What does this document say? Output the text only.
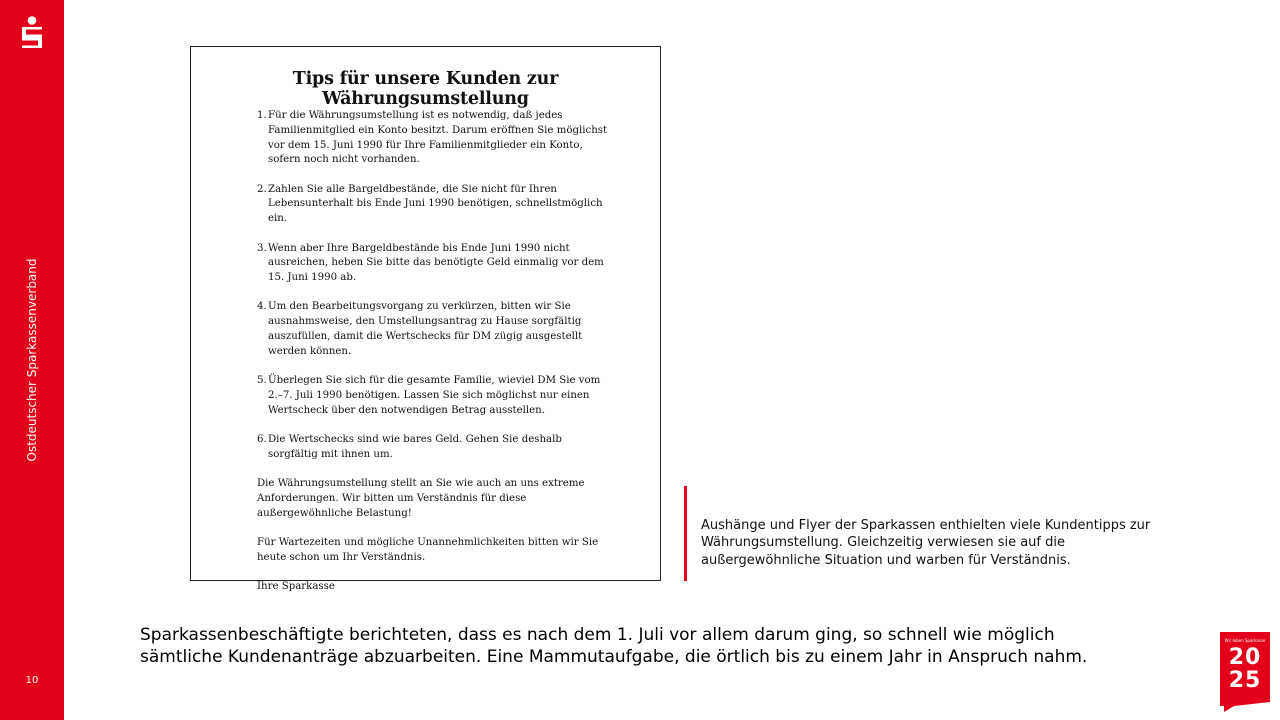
Ostdeutscher Sparkassenverband
10
Tips für unsere Kunden zur Währungsumstellung
1. Für die Währungsumstellung ist es notwendig, daß jedes Familienmitglied ein Konto besitzt. Darum eröffnen Sie möglichst vor dem 15. Juni 1990 für Ihre Familienmitglieder ein Konto, sofern noch nicht vorhanden.
2. Zahlen Sie alle Bargeldbestände, die Sie nicht für Ihren Lebensunterhalt bis Ende Juni 1990 benötigen, schnellstmöglich ein.
3. Wenn aber Ihre Bargeldbestände bis Ende Juni 1990 nicht ausreichen, heben Sie bitte das benötigte Geld einmalig vor dem 15. Juni 1990 ab.
4. Um den Bearbeitungsvorgang zu verkürzen, bitten wir Sie ausnahmsweise, den Umstellungsantrag zu Hause sorgfältig auszufüllen, damit die Wertschecks für DM zügig ausgestellt werden können.
5. Überlegen Sie sich für die gesamte Familie, wieviel DM Sie vom 2.–7. Juli 1990 benötigen. Lassen Sie sich möglichst nur einen Wertscheck über den notwendigen Betrag ausstellen.
6. Die Wertschecks sind wie bares Geld. Gehen Sie deshalb sorgfältig mit ihnen um.

Die Währungsumstellung stellt an Sie wie auch an uns extreme Anforderungen. Wir bitten um Verständnis für diese außergewöhnliche Belastung!

Für Wartezeiten und mögliche Unannehmlichkeiten bitten wir Sie heute schon um Ihr Verständnis.

Ihre Sparkasse

Aushänge und Flyer der Sparkassen enthielten viele Kundentipps zur Währungsumstellung. Gleichzeitig verwiesen sie auf die außergewöhnliche Situation und warben für Verständnis.
Sparkassenbeschäftigte berichteten, dass es nach dem 1. Juli vor allem darum ging, so schnell wie möglich sämtliche Kundenanträge abzuarbeiten. Eine Mammutaufgabe, die örtlich bis zu einem Jahr in Anspruch nahm.
Wir leben Sparkasse
20
25
